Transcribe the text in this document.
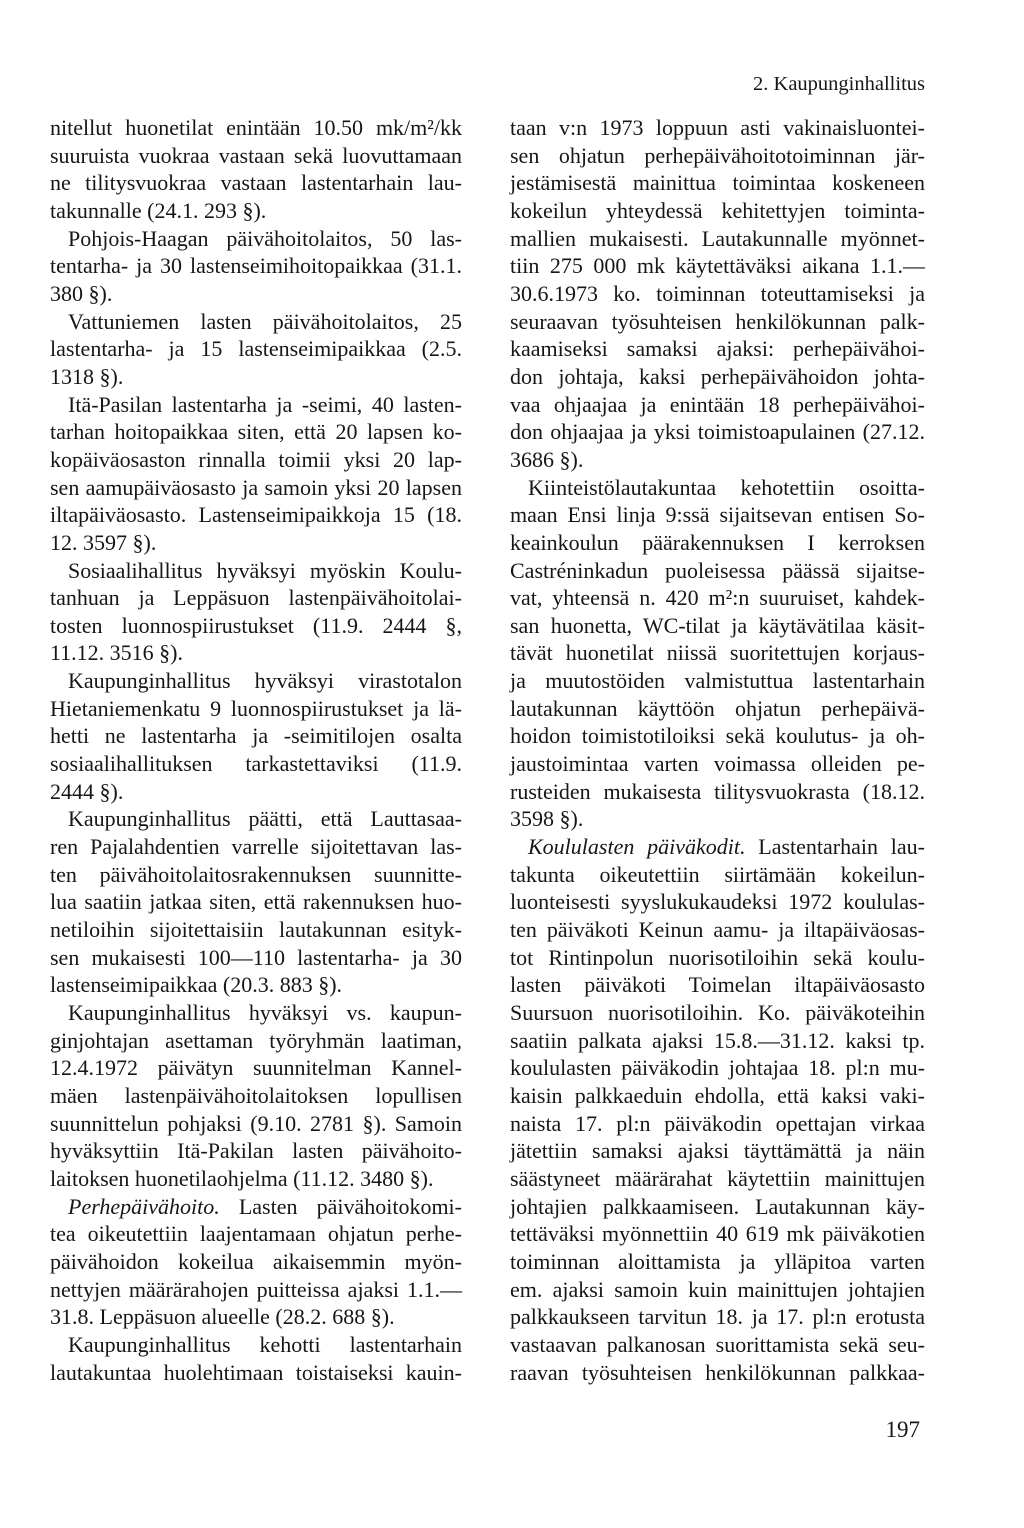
2. Kaupunginhallitus
nitellut huonetilat enintään 10.50 mk/m²/kk
suuruista vuokraa vastaan sekä luovuttamaan
ne tilitysvuokraa vastaan lastentarhain lau-
takunnalle (24.1. 293 §).
Pohjois-Haagan päivähoitolaitos, 50 las-
tentarha- ja 30 lastenseimihoitopaikkaa (31.1.
380 §).
Vattuniemen lasten päivähoitolaitos, 25
lastentarha- ja 15 lastenseimipaikkaa (2.5.
1318 §).
Itä-Pasilan lastentarha ja -seimi, 40 lasten-
tarhan hoitopaikkaa siten, että 20 lapsen ko-
kopäiväosaston rinnalla toimii yksi 20 lap-
sen aamupäiväosasto ja samoin yksi 20 lapsen
iltapäiväosasto. Lastenseimipaikkoja 15 (18.
12. 3597 §).
Sosiaalihallitus hyväksyi myöskin Koulu-
tanhuan ja Leppäsuon lastenpäivähoitolai-
tosten luonnospiirustukset (11.9. 2444 §,
11.12. 3516 §).
Kaupunginhallitus hyväksyi virastotalon
Hietaniemenkatu 9 luonnospiirustukset ja lä-
hetti ne lastentarha ja -seimitilojen osalta
sosiaalihallituksen tarkastettaviksi (11.9.
2444 §).
Kaupunginhallitus päätti, että Lauttasaa-
ren Pajalahdentien varrelle sijoitettavan las-
ten päivähoitolaitosrakennuksen suunnitte-
lua saatiin jatkaa siten, että rakennuksen huo-
netiloihin sijoitettaisiin lautakunnan esityk-
sen mukaisesti 100—110 lastentarha- ja 30
lastenseimipaikkaa (20.3. 883 §).
Kaupunginhallitus hyväksyi vs. kaupun-
ginjohtajan asettaman työryhmän laatiman,
12.4.1972 päivätyn suunnitelman Kannel-
mäen lastenpäivähoitolaitoksen lopullisen
suunnittelun pohjaksi (9.10. 2781 §). Samoin
hyväksyttiin Itä-Pakilan lasten päivähoito-
laitoksen huonetilaohjelma (11.12. 3480 §).
Perhepäivähoito. Lasten päivähoitokomi-
tea oikeutettiin laajentamaan ohjatun perhe-
päivähoidon kokeilua aikaisemmin myön-
nettyjen määrärahojen puitteissa ajaksi 1.1.—
31.8. Leppäsuon alueelle (28.2. 688 §).
Kaupunginhallitus kehotti lastentarhain
lautakuntaa huolehtimaan toistaiseksi kauin-
taan v:n 1973 loppuun asti vakinaisluontei-
sen ohjatun perhepäivähoitotoiminnan jär-
jestämisestä mainittua toimintaa koskeneen
kokeilun yhteydessä kehitettyjen toiminta-
mallien mukaisesti. Lautakunnalle myönnet-
tiin 275 000 mk käytettäväksi aikana 1.1.—
30.6.1973 ko. toiminnan toteuttamiseksi ja
seuraavan työsuhteisen henkilökunnan palk-
kaamiseksi samaksi ajaksi: perhepäivähoi-
don johtaja, kaksi perhepäivähoidon johta-
vaa ohjaajaa ja enintään 18 perhepäivähoi-
don ohjaajaa ja yksi toimistoapulainen (27.12.
3686 §).
Kiinteistölautakuntaa kehotettiin osoitta-
maan Ensi linja 9:ssä sijaitsevan entisen So-
keainkoulun päärakennuksen I kerroksen
Castréninkadun puoleisessa päässä sijaitse-
vat, yhteensä n. 420 m²:n suuruiset, kahdek-
san huonetta, WC-tilat ja käytävätilaa käsit-
tävät huonetilat niissä suoritettujen korjaus-
ja muutostöiden valmistuttua lastentarhain
lautakunnan käyttöön ohjatun perhepäivä-
hoidon toimistotiloiksi sekä koulutus- ja oh-
jaustoimintaa varten voimassa olleiden pe-
rusteiden mukaisesta tilitysvuokrasta (18.12.
3598 §).
Koululasten päiväkodit. Lastentarhain lau-
takunta oikeutettiin siirtämään kokeilun-
luonteisesti syyslukukaudeksi 1972 koululas-
ten päiväkoti Keinun aamu- ja iltapäiväosas-
tot Rintinpolun nuorisotiloihin sekä koulu-
lasten päiväkoti Toimelan iltapäiväosasto
Suursuon nuorisotiloihin. Ko. päiväkoteihin
saatiin palkata ajaksi 15.8.—31.12. kaksi tp.
koululasten päiväkodin johtajaa 18. pl:n mu-
kaisin palkkaeduin ehdolla, että kaksi vaki-
naista 17. pl:n päiväkodin opettajan virkaa
jätettiin samaksi ajaksi täyttämättä ja näin
säästyneet määrärahat käytettiin mainittujen
johtajien palkkaamiseen. Lautakunnan käy-
tettäväksi myönnettiin 40 619 mk päiväkotien
toiminnan aloittamista ja ylläpitoa varten
em. ajaksi samoin kuin mainittujen johtajien
palkkaukseen tarvitun 18. ja 17. pl:n erotusta
vastaavan palkanosan suorittamista sekä seu-
raavan työsuhteisen henkilökunnan palkkaa-
197
